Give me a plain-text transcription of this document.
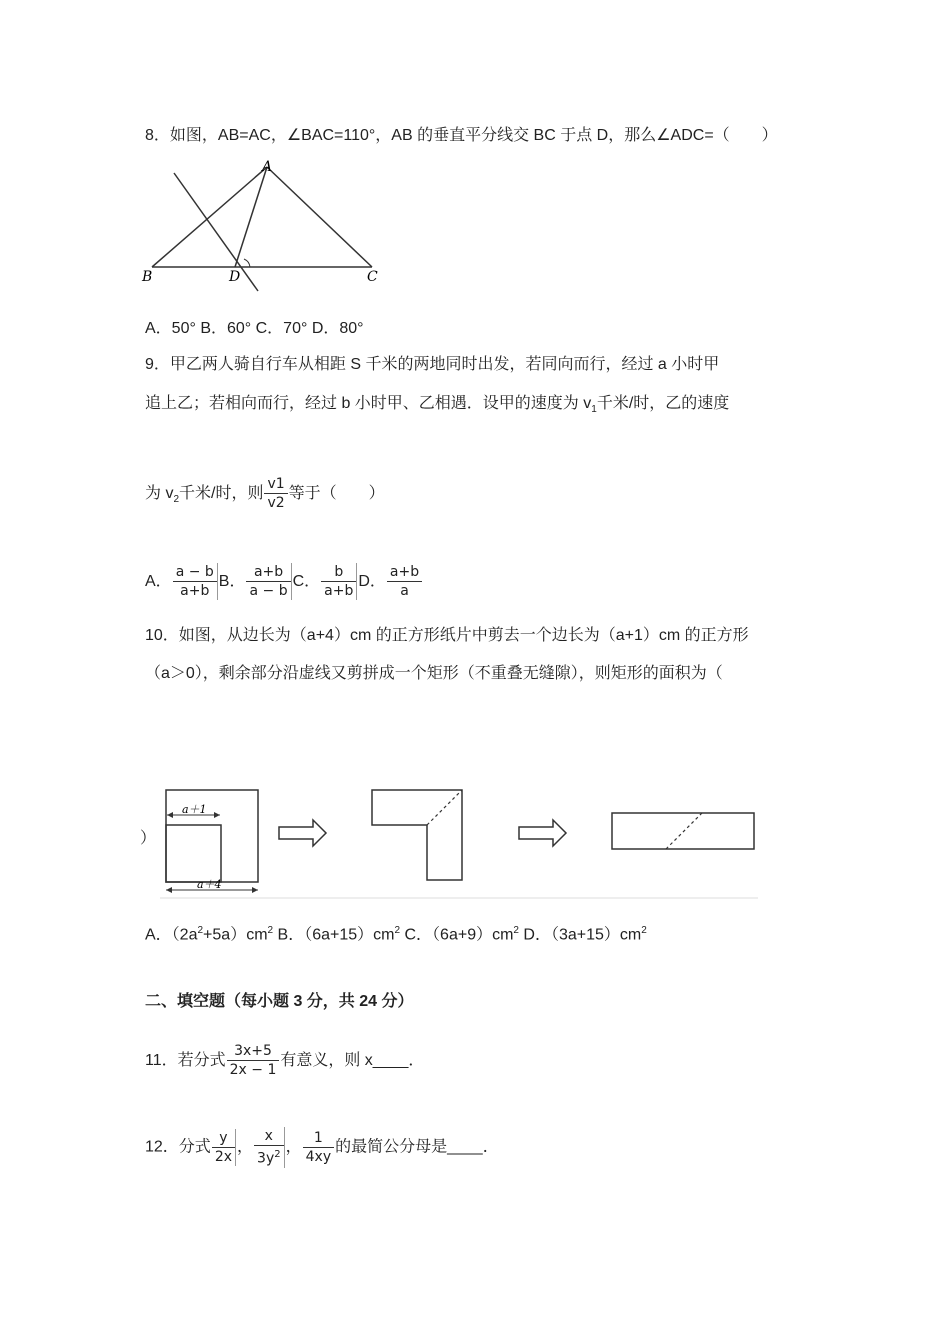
8．如图，AB=AC，∠BAC=110°，AB 的垂直平分线交 BC 于点 D，那么∠ADC=（　　）
A
B	D	C
A．50° B．60° C．70° D．80°
9．甲乙两人骑自行车从相距 S 千米的两地同时出发，若同向而行，经过 a 小时甲
追上乙；若相向而行，经过 b 小时甲、乙相遇．设甲的速度为 $v_1$千米/时，乙的速度
为 $v_2$千米/时，则 $\frac{v1}{v2}$ 等于（　　）
A． $\frac{a - b}{a+b}$ B． $\frac{a+b}{a - b}$ C． $\frac{b}{a+b}$ D． $\frac{a+b}{a}$
10．如图，从边长为（a+4）cm 的正方形纸片中剪去一个边长为（a+1）cm 的正方形
（a＞0），剩余部分沿虚线又剪拼成一个矩形（不重叠无缝隙），则矩形的面积为（
）
a＋1
a＋4
A．$(2a^2+5a)cm^2$ B．$(6a+15)cm^2$ C．$(6a+9)cm^2$ D．$(3a+15)cm^2$
二、填空题（每小题 3 分，共 24 分）
11．若分式 $\frac{3x+5}{2x - 1}$ 有意义，则 x____．
12．分式 $\frac{y}{2x}$ ， $\frac{x}{3y^2}$ ， $\frac{1}{4xy}$ 的最简公分母是____．
